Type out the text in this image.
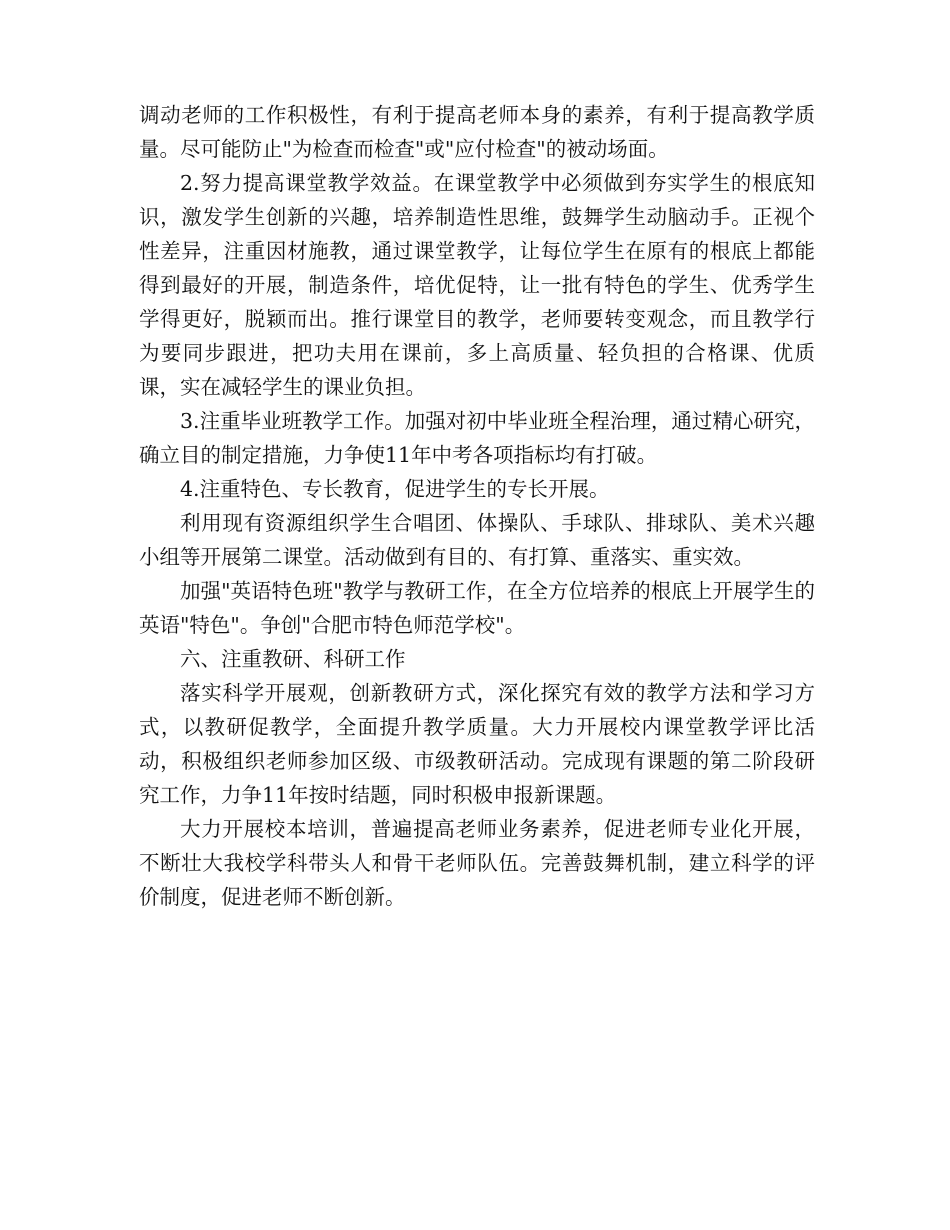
调动老师的工作积极性，有利于提高老师本身的素养，有利于提高教学质量。尽可能防止"为检查而检查"或"应付检查"的被动场面。

2.努力提高课堂教学效益。在课堂教学中必须做到夯实学生的根底知识，激发学生创新的兴趣，培养制造性思维，鼓舞学生动脑动手。正视个性差异，注重因材施教，通过课堂教学，让每位学生在原有的根底上都能得到最好的开展，制造条件，培优促特，让一批有特色的学生、优秀学生学得更好，脱颖而出。推行课堂目的教学，老师要转变观念，而且教学行为要同步跟进，把功夫用在课前，多上高质量、轻负担的合格课、优质课，实在减轻学生的课业负担。

3.注重毕业班教学工作。加强对初中毕业班全程治理，通过精心研究，确立目的制定措施，力争使11年中考各项指标均有打破。

4.注重特色、专长教育，促进学生的专长开展。

利用现有资源组织学生合唱团、体操队、手球队、排球队、美术兴趣小组等开展第二课堂。活动做到有目的、有打算、重落实、重实效。

加强"英语特色班"教学与教研工作，在全方位培养的根底上开展学生的英语"特色"。争创"合肥市特色师范学校"。

六、注重教研、科研工作

落实科学开展观，创新教研方式，深化探究有效的教学方法和学习方式，以教研促教学，全面提升教学质量。大力开展校内课堂教学评比活动，积极组织老师参加区级、市级教研活动。完成现有课题的第二阶段研究工作，力争11年按时结题，同时积极申报新课题。

大力开展校本培训，普遍提高老师业务素养，促进老师专业化开展，不断壮大我校学科带头人和骨干老师队伍。完善鼓舞机制，建立科学的评价制度，促进老师不断创新。
